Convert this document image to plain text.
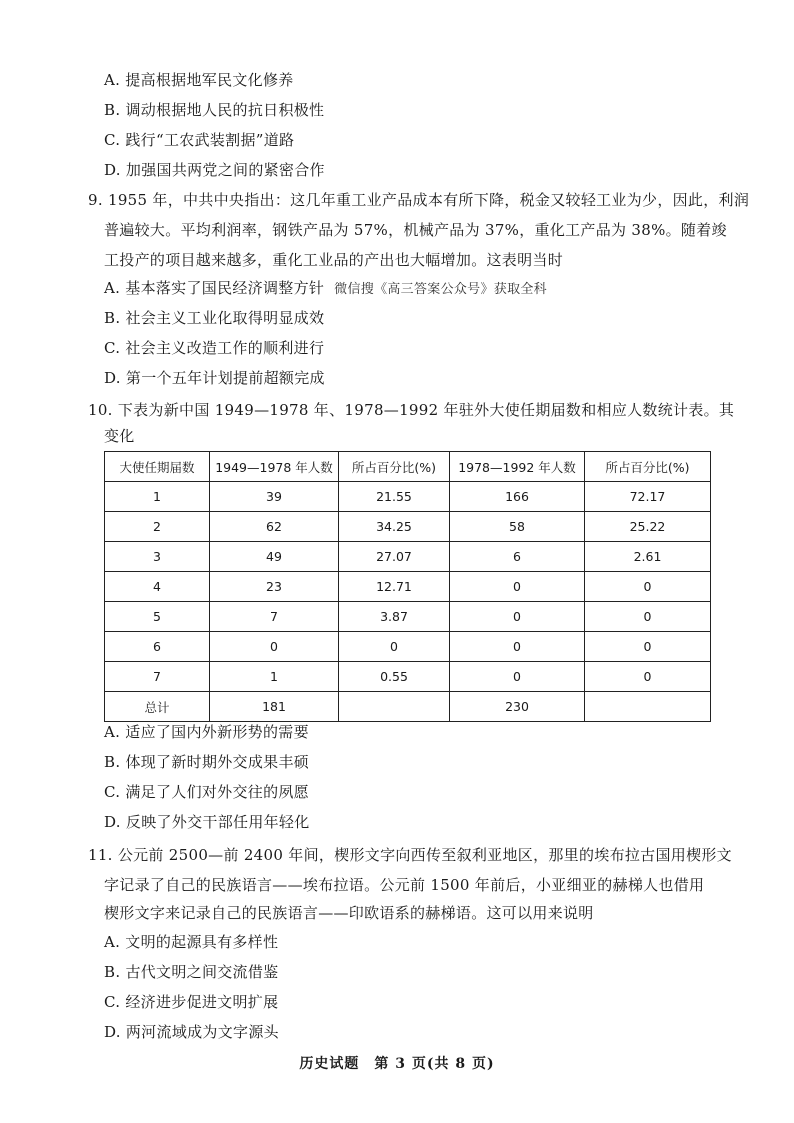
A. 提高根据地军民文化修养
B. 调动根据地人民的抗日积极性
C. 践行“工农武装割据”道路
D. 加强国共两党之间的紧密合作
9. 1955 年，中共中央指出：这几年重工业产品成本有所下降，税金又较轻工业为少，因此，利润
普遍较大。平均利润率，钢铁产品为 57%，机械产品为 37%，重化工产品为 38%。随着竣
工投产的项目越来越多，重化工业品的产出也大幅增加。这表明当时
A. 基本落实了国民经济调整方针 微信搜《高三答案公众号》获取全科
B. 社会主义工业化取得明显成效
C. 社会主义改造工作的顺利进行
D. 第一个五年计划提前超额完成
10. 下表为新中国 1949—1978 年、1978—1992 年驻外大使任期届数和相应人数统计表。其
变化
大使任期届数	1949—1978 年人数	所占百分比(%)	1978—1992 年人数	所占百分比(%)
1	39	21.55	166	72.17
2	62	34.25	58	25.22
3	49	27.07	6	2.61
4	23	12.71	0	0
5	7	3.87	0	0
6	0	0	0	0
7	1	0.55	0	0
总计	181		230	
A. 适应了国内外新形势的需要
B. 体现了新时期外交成果丰硕
C. 满足了人们对外交往的夙愿
D. 反映了外交干部任用年轻化
11. 公元前 2500—前 2400 年间，楔形文字向西传至叙利亚地区，那里的埃布拉古国用楔形文
字记录了自己的民族语言——埃布拉语。公元前 1500 年前后，小亚细亚的赫梯人也借用
楔形文字来记录自己的民族语言——印欧语系的赫梯语。这可以用来说明
A. 文明的起源具有多样性
B. 古代文明之间交流借鉴
C. 经济进步促进文明扩展
D. 两河流域成为文字源头
历史试题　第 3 页(共 8 页)
